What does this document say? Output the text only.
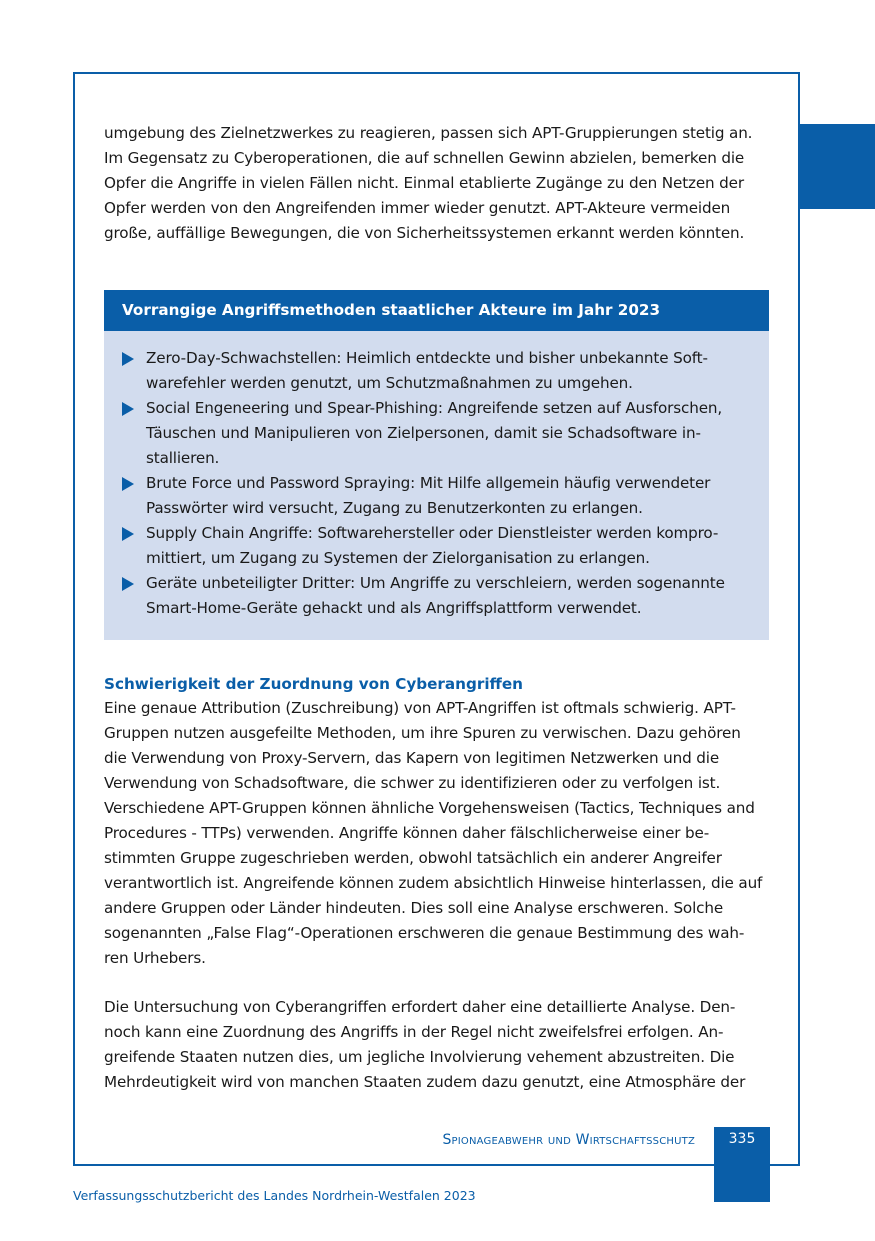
umgebung des Zielnetzwerkes zu reagieren, passen sich APT-Gruppierungen stetig an. Im Gegensatz zu Cyberoperationen, die auf schnellen Gewinn abzielen, bemerken die Opfer die Angriffe in vielen Fällen nicht. Einmal etablierte Zugänge zu den Netzen der Opfer werden von den Angreifenden immer wieder genutzt. APT-Akteure vermeiden große, auffällige Bewegungen, die von Sicherheitssystemen erkannt werden könnten.

Vorrangige Angriffsmethoden staatlicher Akteure im Jahr 2023
Zero-Day-Schwachstellen: Heimlich entdeckte und bisher unbekannte Soft-warefehler werden genutzt, um Schutzmaßnahmen zu umgehen.
Social Engeneering und Spear-Phishing: Angreifende setzen auf Ausforschen, Täuschen und Manipulieren von Zielpersonen, damit sie Schadsoftware in-stallieren.
Brute Force und Password Spraying: Mit Hilfe allgemein häufig verwendeter Passwörter wird versucht, Zugang zu Benutzerkonten zu erlangen.
Supply Chain Angriffe: Softwarehersteller oder Dienstleister werden kompro-mittiert, um Zugang zu Systemen der Zielorganisation zu erlangen.
Geräte unbeteiligter Dritter: Um Angriffe zu verschleiern, werden sogenannte Smart-Home-Geräte gehackt und als Angriffsplattform verwendet.
Schwierigkeit der Zuordnung von Cyberangriffen

Eine genaue Attribution (Zuschreibung) von APT-Angriffen ist oftmals schwierig. APT-Gruppen nutzen ausgefeilte Methoden, um ihre Spuren zu verwischen. Dazu gehören die Verwendung von Proxy-Servern, das Kapern von legitimen Netzwerken und die Verwendung von Schadsoftware, die schwer zu identifizieren oder zu verfolgen ist. Verschiedene APT-Gruppen können ähnliche Vorgehensweisen (Tactics, Techniques and Procedures - TTPs) verwenden. Angriffe können daher fälschlicherweise einer be-stimmten Gruppe zugeschrieben werden, obwohl tatsächlich ein anderer Angreifer verantwortlich ist. Angreifende können zudem absichtlich Hinweise hinterlassen, die auf andere Gruppen oder Länder hindeuten. Dies soll eine Analyse erschweren. Solche sogenannten „False Flag“-Operationen erschweren die genaue Bestimmung des wah-ren Urhebers.

Die Untersuchung von Cyberangriffen erfordert daher eine detaillierte Analyse. Den-noch kann eine Zuordnung des Angriffs in der Regel nicht zweifelsfrei erfolgen. An-greifende Staaten nutzen dies, um jegliche Involvierung vehement abzustreiten. Die Mehrdeutigkeit wird von manchen Staaten zudem dazu genutzt, eine Atmosphäre der

Spionageabwehr und Wirtschaftsschutz	335
Verfassungsschutzbericht des Landes Nordrhein-Westfalen 2023
